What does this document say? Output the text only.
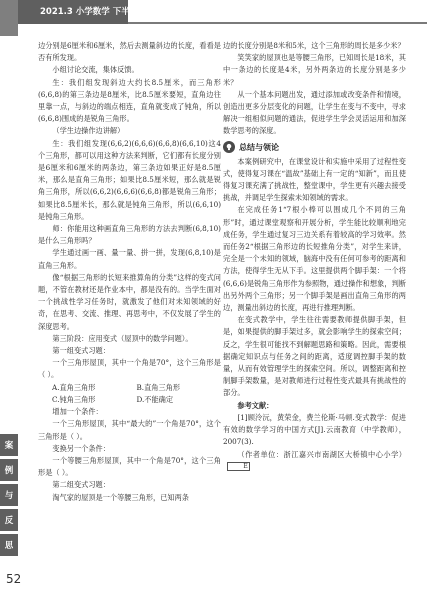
2021.3 小学数学 下半月·数学

边分别是6厘米和6厘米，然后去测量斜边的长度，看看是否有所发现。

小组讨论交流，集体反馈。

生：我们组发现斜边大约长8.5厘米，而三角形(6,6,8)的第三条边是8厘米，比8.5厘米要短，直角边往里靠一点，与斜边的端点相连，直角就变成了钝角，所以(6,6,8)围成的是锐角三角形。

（学生边操作边讲解）

生：我们组发现(6,6,2)(6,6,6)(6,6,8)(6,6,10)这4个三角形，都可以用这种方法来判断，它们都有长度分别是6厘米和6厘米的两条边，第三条边如果正好是8.5厘米，那么是直角三角形；如果比8.5厘米短，那么就是锐角三角形，所以(6,6,2)(6,6,6)(6,6,8)都是锐角三角形；如果比8.5厘米长，那么就是钝角三角形，所以(6,6,10)是钝角三角形。

师：你能用这种画直角三角形的方法去判断(6,8,10)是什么三角形吗？

学生通过画一画、量一量、拼一拼，发现(6,8,10)是直角三角形。

像“根据三角形的长短来推算角的分类”这样的变式问题，不管在教材还是作业本中，都是没有的。当学生面对一个挑战性学习任务时，就激发了他们对未知领域的好奇，在思考、交流、推理、再思考中，不仅发展了学生的深度思考。

第三阶段：应用变式（屋顶中的数学问题）。

第一组变式习题：

一个三角形屋顶，其中一个角是70°，这个三角形是（ ）。

A.直角三角形	B.直角三角形
C.钝角三角形	D.不能确定

增加一个条件：

一个三角形屋顶，其中“最大的”一个角是70°，这个三角形是（ ）。

变换另一个条件：

一个等腰三角形屋顶，其中一个角是70°，这个三角形是（ ）。

第二组变式习题：

淘气家的屋顶是一个等腰三角形，已知两条

边的长度分别是8米和5米，这个三角形的周长是多少米？

笑笑家的屋顶也是等腰三角形，已知周长是18米，其中一条边的长度是4米，另外两条边的长度分别是多少米？

从一个基本问题出发，通过添加或改变条件和情境，创造出更多分层变化的问题，让学生在变与不变中，寻求解决一组相似问题的通法，促进学生学会灵活运用和加深数学思考的深度。

总结与领论

本案例研究中，在课堂设计和实施中采用了过程性变式，使得复习课在“温故”基础上有一定的“知新”，而且使得复习课充满了挑战性，整堂课中，学生更有兴趣去接受挑战，并调足学生探索未知领域的需求。

在完成任务1“7根小棒可以围成几个不同的三角形”时，通过课堂观察和开展分析，学生能比较顺利地完成任务，学生通过复习三边关系有着较高的学习效率。然而任务2“根据三角形边的长短推角分类”，对学生来讲，完全是一个未知的领域，脑海中没有任何可参考的距离和方法，使得学生无从下手。这里提供两个脚手架：一个将(6,6,6)是锐角三角形作为参照物，通过操作和想象，判断出另外两个三角形；另一个脚手架是画出直角三角形的两边，测量出斜边的长度，再进行推理判断。

在变式教学中，学生往往需要教师提供脚手架，但是，如果提供的脚手架过多，就会影响学生的探索空间；反之，学生很可能找不到解题思路和策略。因此，需要根据确定知识点与任务之间的距离，适度调控脚手架的数量，从而有效管理学生的探索空间。所以，调整距离和控制脚手架数量，是对教师进行过程性变式最具有挑战性的部分。

参考文献：

[1]顾泠沅，黄荣金，费兰伦斯·马顿.变式教学：促进有效的数学学习的中国方式[J].云南教育（中学教师），2007(3).

（作者单位：浙江嘉兴市南湖区大桥镇中心小学）E

案
例
与
反
思
52
